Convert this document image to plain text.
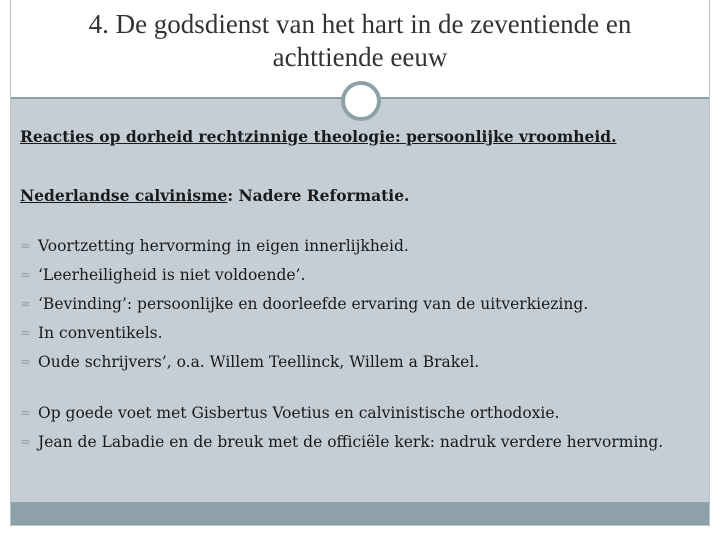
4. De godsdienst van het hart in de zeventiende en
achttiende eeuw

Reacties op dorheid rechtzinnige theologie: persoonlijke vroomheid.

Nederlandse calvinisme: Nadere Reformatie.

≈ Voortzetting hervorming in eigen innerlijkheid.
≈ ‘Leerheiligheid is niet voldoende’.
≈ ‘Bevinding’: persoonlijke en doorleefde ervaring van de uitverkiezing.
≈ In conventikels.
≈ Oude schrijvers’, o.a. Willem Teellinck, Willem a Brakel.
≈ Op goede voet met Gisbertus Voetius en calvinistische orthodoxie.
≈ Jean de Labadie en de breuk met de officiële kerk: nadruk verdere hervorming.
